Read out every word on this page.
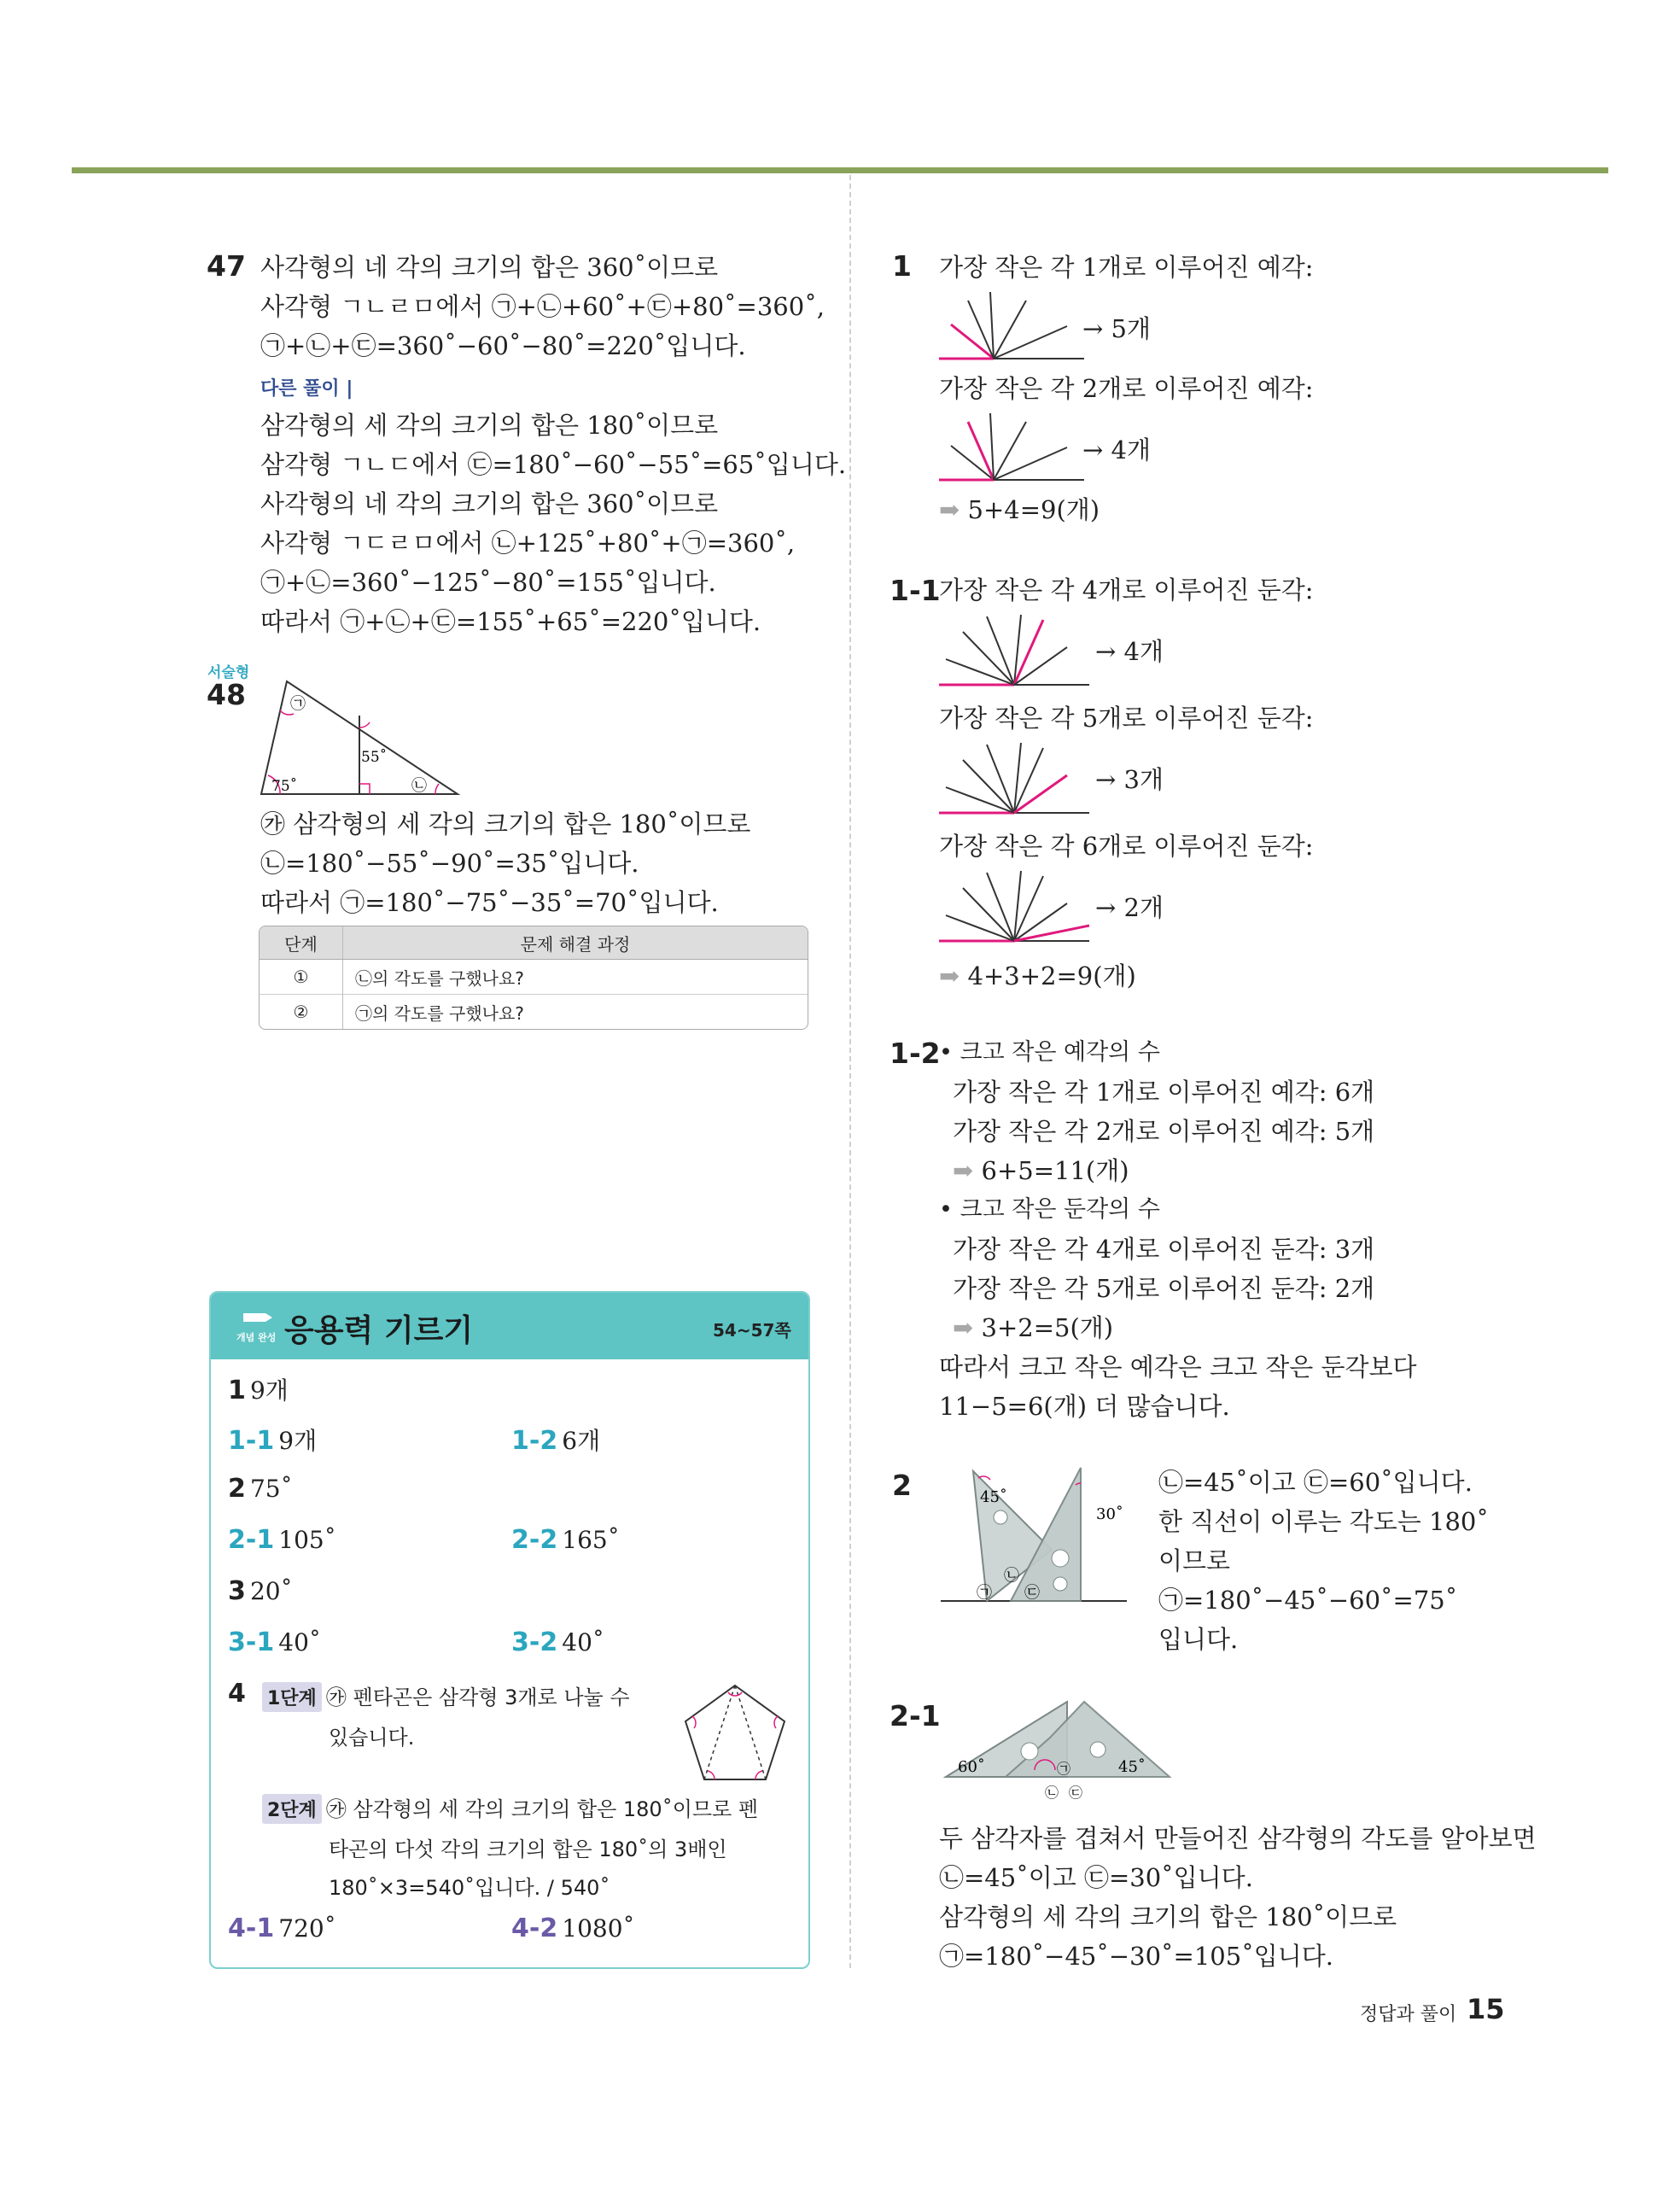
47 사각형의 네 각의 크기의 합은 360˚이므로
사각형 ㄱㄴㄹㅁ에서 ㉠+㉡+60˚+㉢+80˚=360˚,
㉠+㉡+㉢=360˚−60˚−80˚=220˚입니다.
다른 풀이 |
삼각형의 세 각의 크기의 합은 180˚이므로
삼각형 ㄱㄴㄷ에서 ㉢=180˚−60˚−55˚=65˚입니다.
사각형의 네 각의 크기의 합은 360˚이므로
사각형 ㄱㄷㄹㅁ에서 ㉡+125˚+80˚+㉠=360˚,
㉠+㉡=360˚−125˚−80˚=155˚입니다.
따라서 ㉠+㉡+㉢=155˚+65˚=220˚입니다.
서술형
48	㉠
55˚
75˚	㉡
㉮ 삼각형의 세 각의 크기의 합은 180˚이므로
㉡=180˚−55˚−90˚=35˚입니다.
따라서 ㉠=180˚−75˚−35˚=70˚입니다.
단계	문제 해결 과정
①	㉡의 각도를 구했나요?
②	㉠의 각도를 구했나요?
개념 완성 응용력 기르기	54~57쪽
1 9개
1-1 9개	1-2 6개
2 75˚
2-1 105˚	2-2 165˚
3 20˚
3-1 40˚	3-2 40˚
4 1단계 ㉮ 펜타곤은 삼각형 3개로 나눌 수
있습니다.
2단계 ㉮ 삼각형의 세 각의 크기의 합은 180˚이므로 펜
타곤의 다섯 각의 크기의 합은 180˚의 3배인
180˚×3=540˚입니다. / 540˚
4-1 720˚	4-2 1080˚
1 가장 작은 각 1개로 이루어진 예각:
→ 5개
가장 작은 각 2개로 이루어진 예각:
→ 4개
➡ 5+4=9(개)
1-1
가장 작은 각 4개로 이루어진 둔각:
→ 4개
가장 작은 각 5개로 이루어진 둔각:
→ 3개
가장 작은 각 6개로 이루어진 둔각:
→ 2개
➡ 4+3+2=9(개)
1-2
• 크고 작은 예각의 수
가장 작은 각 1개로 이루어진 예각: 6개
가장 작은 각 2개로 이루어진 예각: 5개
➡ 6+5=11(개)
• 크고 작은 둔각의 수
가장 작은 각 4개로 이루어진 둔각: 3개
가장 작은 각 5개로 이루어진 둔각: 2개
➡ 3+2=5(개)
따라서 크고 작은 예각은 크고 작은 둔각보다
11−5=6(개) 더 많습니다.
2	45˚
30˚
㉠
㉡
㉢
㉡=45˚이고 ㉢=60˚입니다.
한 직선이 이루는 각도는 180˚
이므로
㉠=180˚−45˚−60˚=75˚
입니다.
2-1
60˚	45˚
㉠
㉡ ㉢
두 삼각자를 겹쳐서 만들어진 삼각형의 각도를 알아보면
㉡=45˚이고 ㉢=30˚입니다.
삼각형의 세 각의 크기의 합은 180˚이므로
㉠=180˚−45˚−30˚=105˚입니다.
정답과 풀이 15
